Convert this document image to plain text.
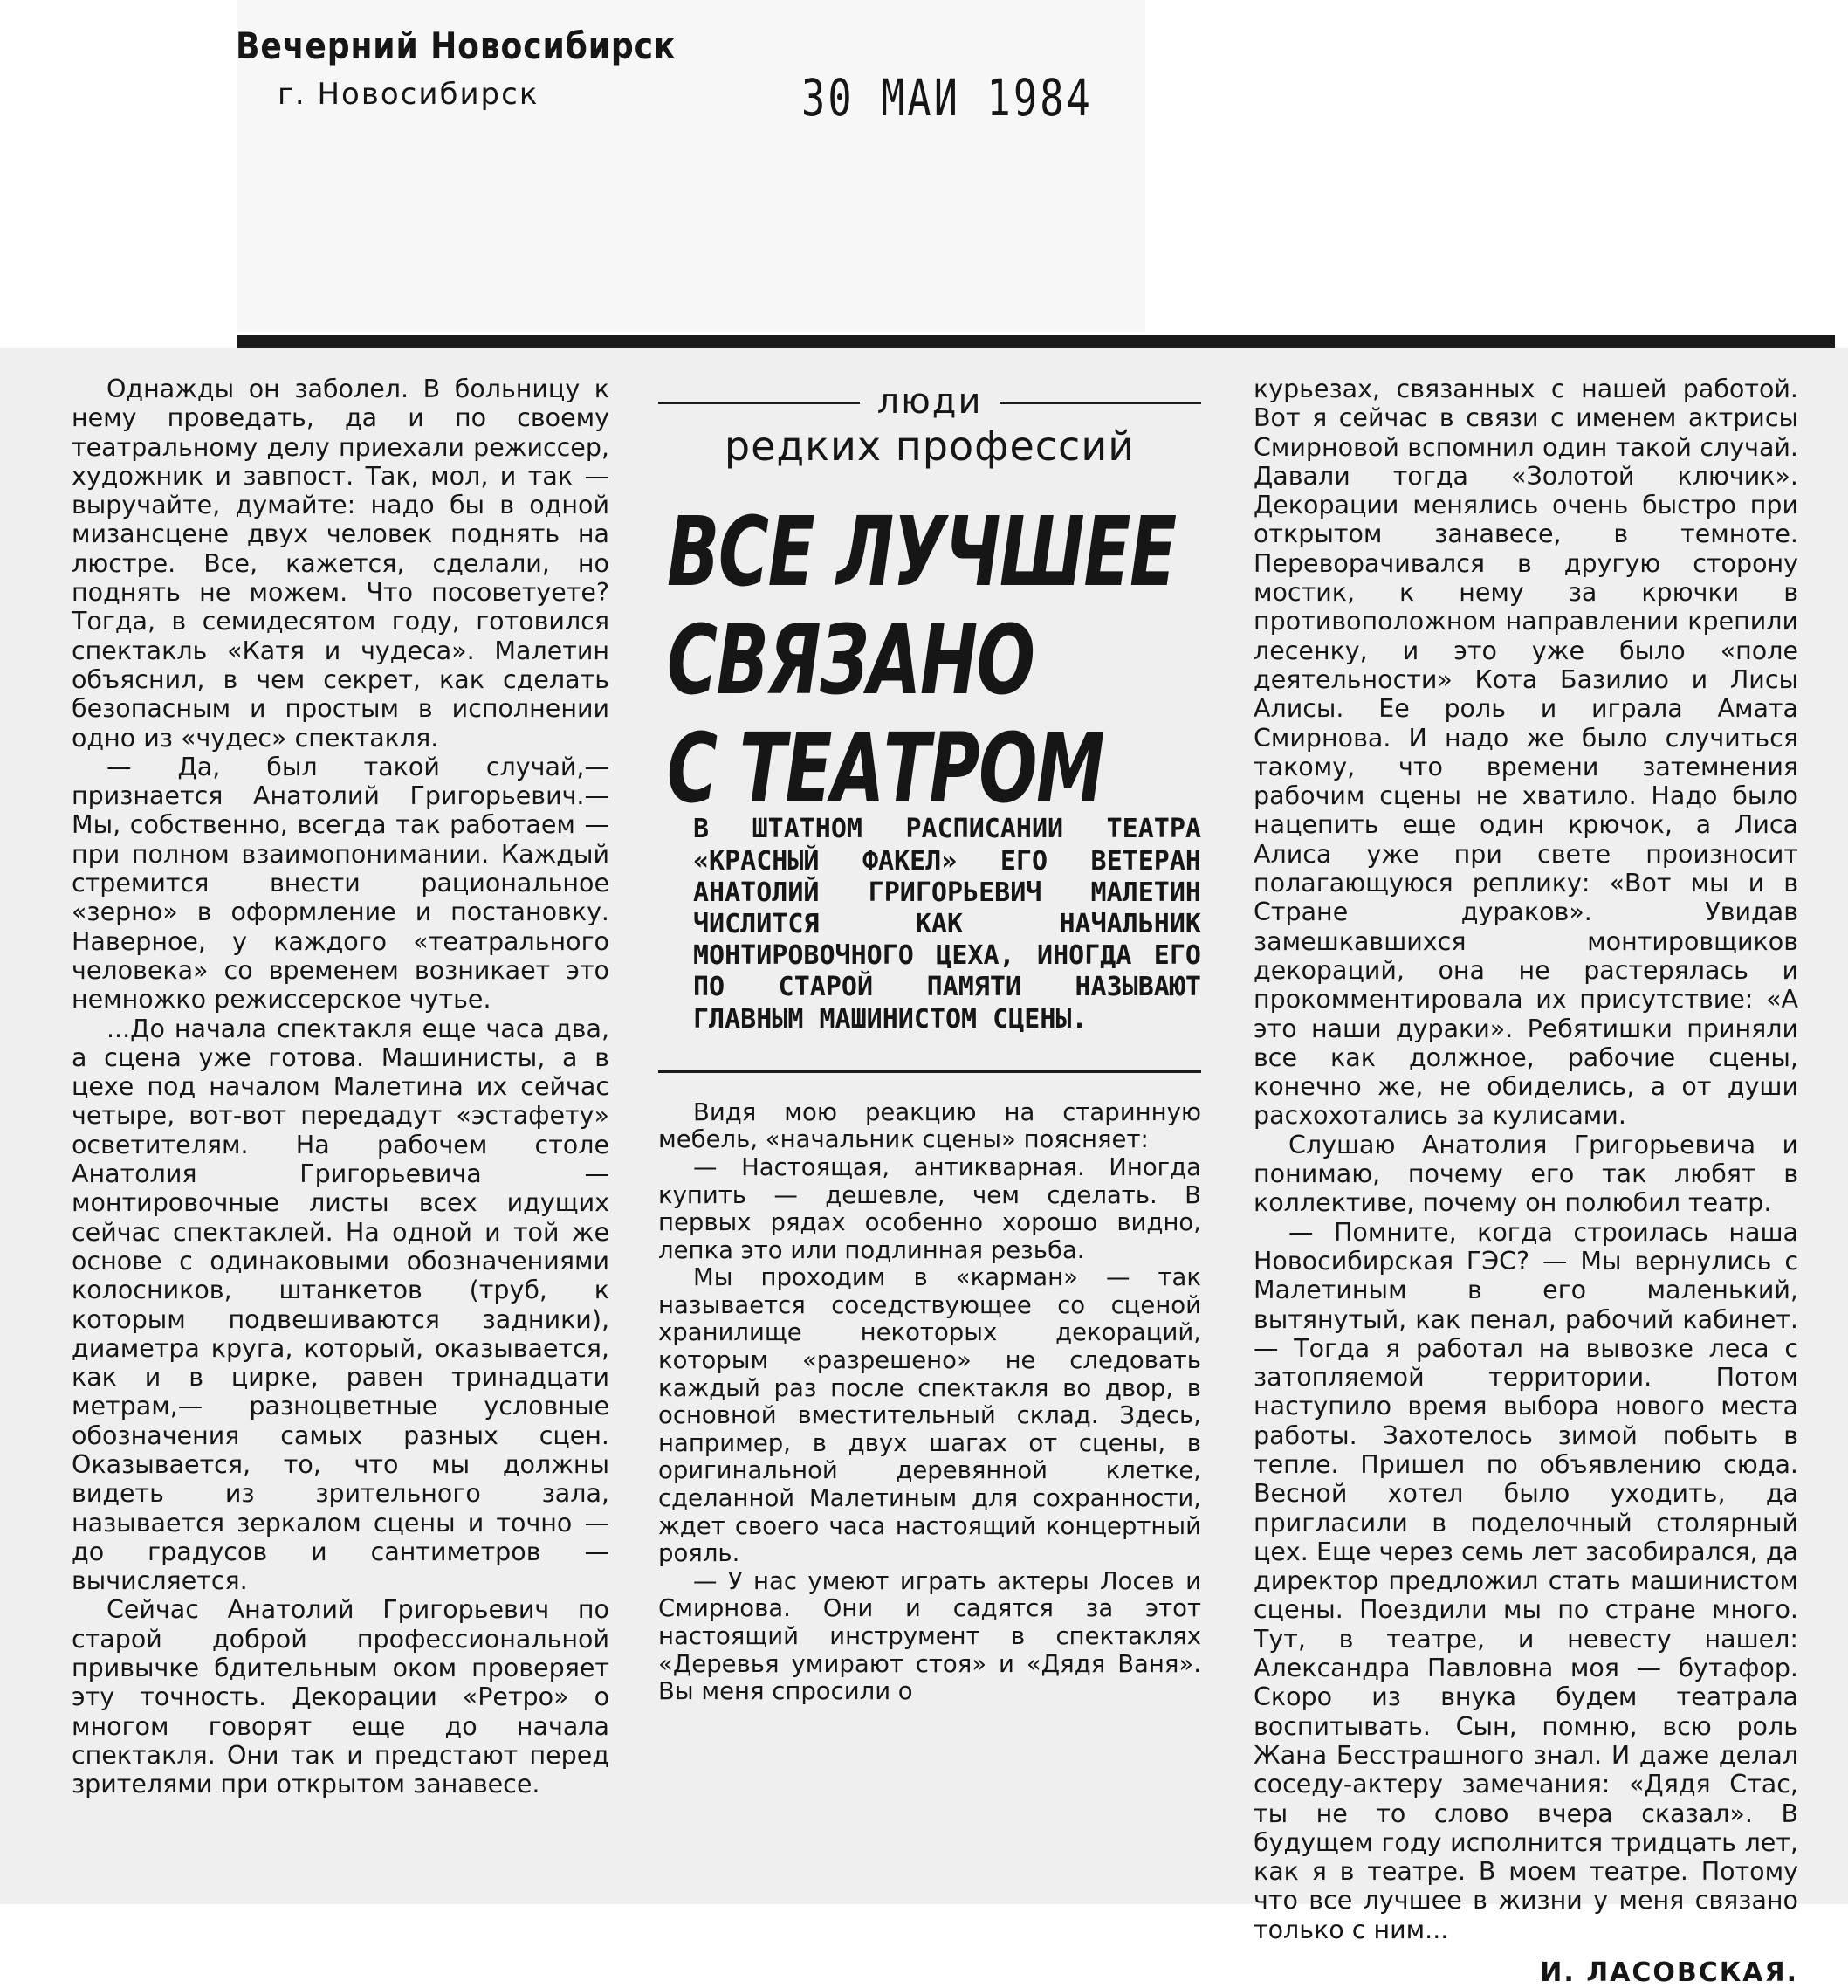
Вечерний Новосибирск
г. Новосибирск	30 МАИ 1984

Однажды он заболел. В больницу к нему проведать, да и по своему театральному делу приехали режиссер, художник и завпост. Так, мол, и так — выручайте, думайте: надо бы в одной мизансцене двух человек поднять на люстре. Все, кажется, сделали, но поднять не можем. Что посоветуете? Тогда, в семидесятом году, готовился спектакль «Катя и чудеса». Малетин объяснил, в чем секрет, как сделать безопасным и простым в исполнении одно из «чудес» спектакля.

— Да, был такой случай,— признается Анатолий Григорьевич.— Мы, собственно, всегда так работаем — при полном взаимопонимании. Каждый стремится внести рациональное «зерно» в оформление и постановку. Наверное, у каждого «театрального человека» со временем возникает это немножко режиссерское чутье.

...До начала спектакля еще часа два, а сцена уже готова. Машинисты, а в цехе под началом Малетина их сейчас четыре, вот-вот передадут «эстафету» осветителям. На рабочем столе Анатолия Григорьевича — монтировочные листы всех идущих сейчас спектаклей. На одной и той же основе с одинаковыми обозначениями колосников, штанкетов (труб, к которым подвешиваются задники), диаметра круга, который, оказывается, как и в цирке, равен тринадцати метрам,— разноцветные условные обозначения самых разных сцен. Оказывается, то, что мы должны видеть из зрительного зала, называется зеркалом сцены и точно — до градусов и сантиметров — вычисляется.

Сейчас Анатолий Григорьевич по старой доброй профессиональной привычке бдительным оком проверяет эту точность. Декорации «Ретро» о многом говорят еще до начала спектакля. Они так и предстают перед зрителями при открытом занавесе.

люди
редких профессий
ВСЕ ЛУЧШЕЕ
СВЯЗАНО
С ТЕАТРОМ
В ШТАТНОМ РАСПИСАНИИ ТЕАТРА «КРАСНЫЙ ФАКЕЛ» ЕГО ВЕТЕРАН АНАТОЛИЙ ГРИГОРЬЕВИЧ МАЛЕТИН ЧИСЛИТСЯ КАК НАЧАЛЬНИК МОНТИРОВОЧНОГО ЦЕХА, ИНОГДА ЕГО ПО СТАРОЙ ПАМЯТИ НАЗЫВАЮТ ГЛАВНЫМ МАШИНИСТОМ СЦЕНЫ.

Видя мою реакцию на старинную мебель, «начальник сцены» поясняет:

— Настоящая, антикварная. Иногда купить — дешевле, чем сделать. В первых рядах особенно хорошо видно, лепка это или подлинная резьба.

Мы проходим в «карман» — так называется соседствующее со сценой хранилище некоторых декораций, которым «разрешено» не следовать каждый раз после спектакля во двор, в основной вместительный склад. Здесь, например, в двух шагах от сцены, в оригинальной деревянной клетке, сделанной Малетиным для сохранности, ждет своего часа настоящий концертный рояль.

— У нас умеют играть актеры Лосев и Смирнова. Они и садятся за этот настоящий инструмент в спектаклях «Деревья умирают стоя» и «Дядя Ваня». Вы меня спросили о

курьезах, связанных с нашей работой. Вот я сейчас в связи с именем актрисы Смирновой вспомнил один такой случай. Давали тогда «Золотой ключик». Декорации менялись очень быстро при открытом занавесе, в темноте. Переворачивался в другую сторону мостик, к нему за крючки в противоположном направлении крепили лесенку, и это уже было «поле деятельности» Кота Базилио и Лисы Алисы. Ее роль и играла Амата Смирнова. И надо же было случиться такому, что времени затемнения рабочим сцены не хватило. Надо было нацепить еще один крючок, а Лиса Алиса уже при свете произносит полагающуюся реплику: «Вот мы и в Стране дураков». Увидав замешкавшихся монтировщиков декораций, она не растерялась и прокомментировала их присутствие: «А это наши дураки». Ребятишки приняли все как должное, рабочие сцены, конечно же, не обиделись, а от души расхохотались за кулисами.

Слушаю Анатолия Григорьевича и понимаю, почему его так любят в коллективе, почему он полюбил театр.

— Помните, когда строилась наша Новосибирская ГЭС? — Мы вернулись с Малетиным в его маленький, вытянутый, как пенал, рабочий кабинет. — Тогда я работал на вывозке леса с затопляемой территории. Потом наступило время выбора нового места работы. Захотелось зимой побыть в тепле. Пришел по объявлению сюда. Весной хотел было уходить, да пригласили в поделочный столярный цех. Еще через семь лет засобирался, да директор предложил стать машинистом сцены. Поездили мы по стране много. Тут, в театре, и невесту нашел: Александра Павловна моя — бутафор. Скоро из внука будем театрала воспитывать. Сын, помню, всю роль Жана Бесстрашного знал. И даже делал соседу-актеру замечания: «Дядя Стас, ты не то слово вчера сказал». В будущем году исполнится тридцать лет, как я в театре. В моем театре. Потому что все лучшее в жизни у меня связано только с ним...

И. ЛАСОВСКАЯ.
